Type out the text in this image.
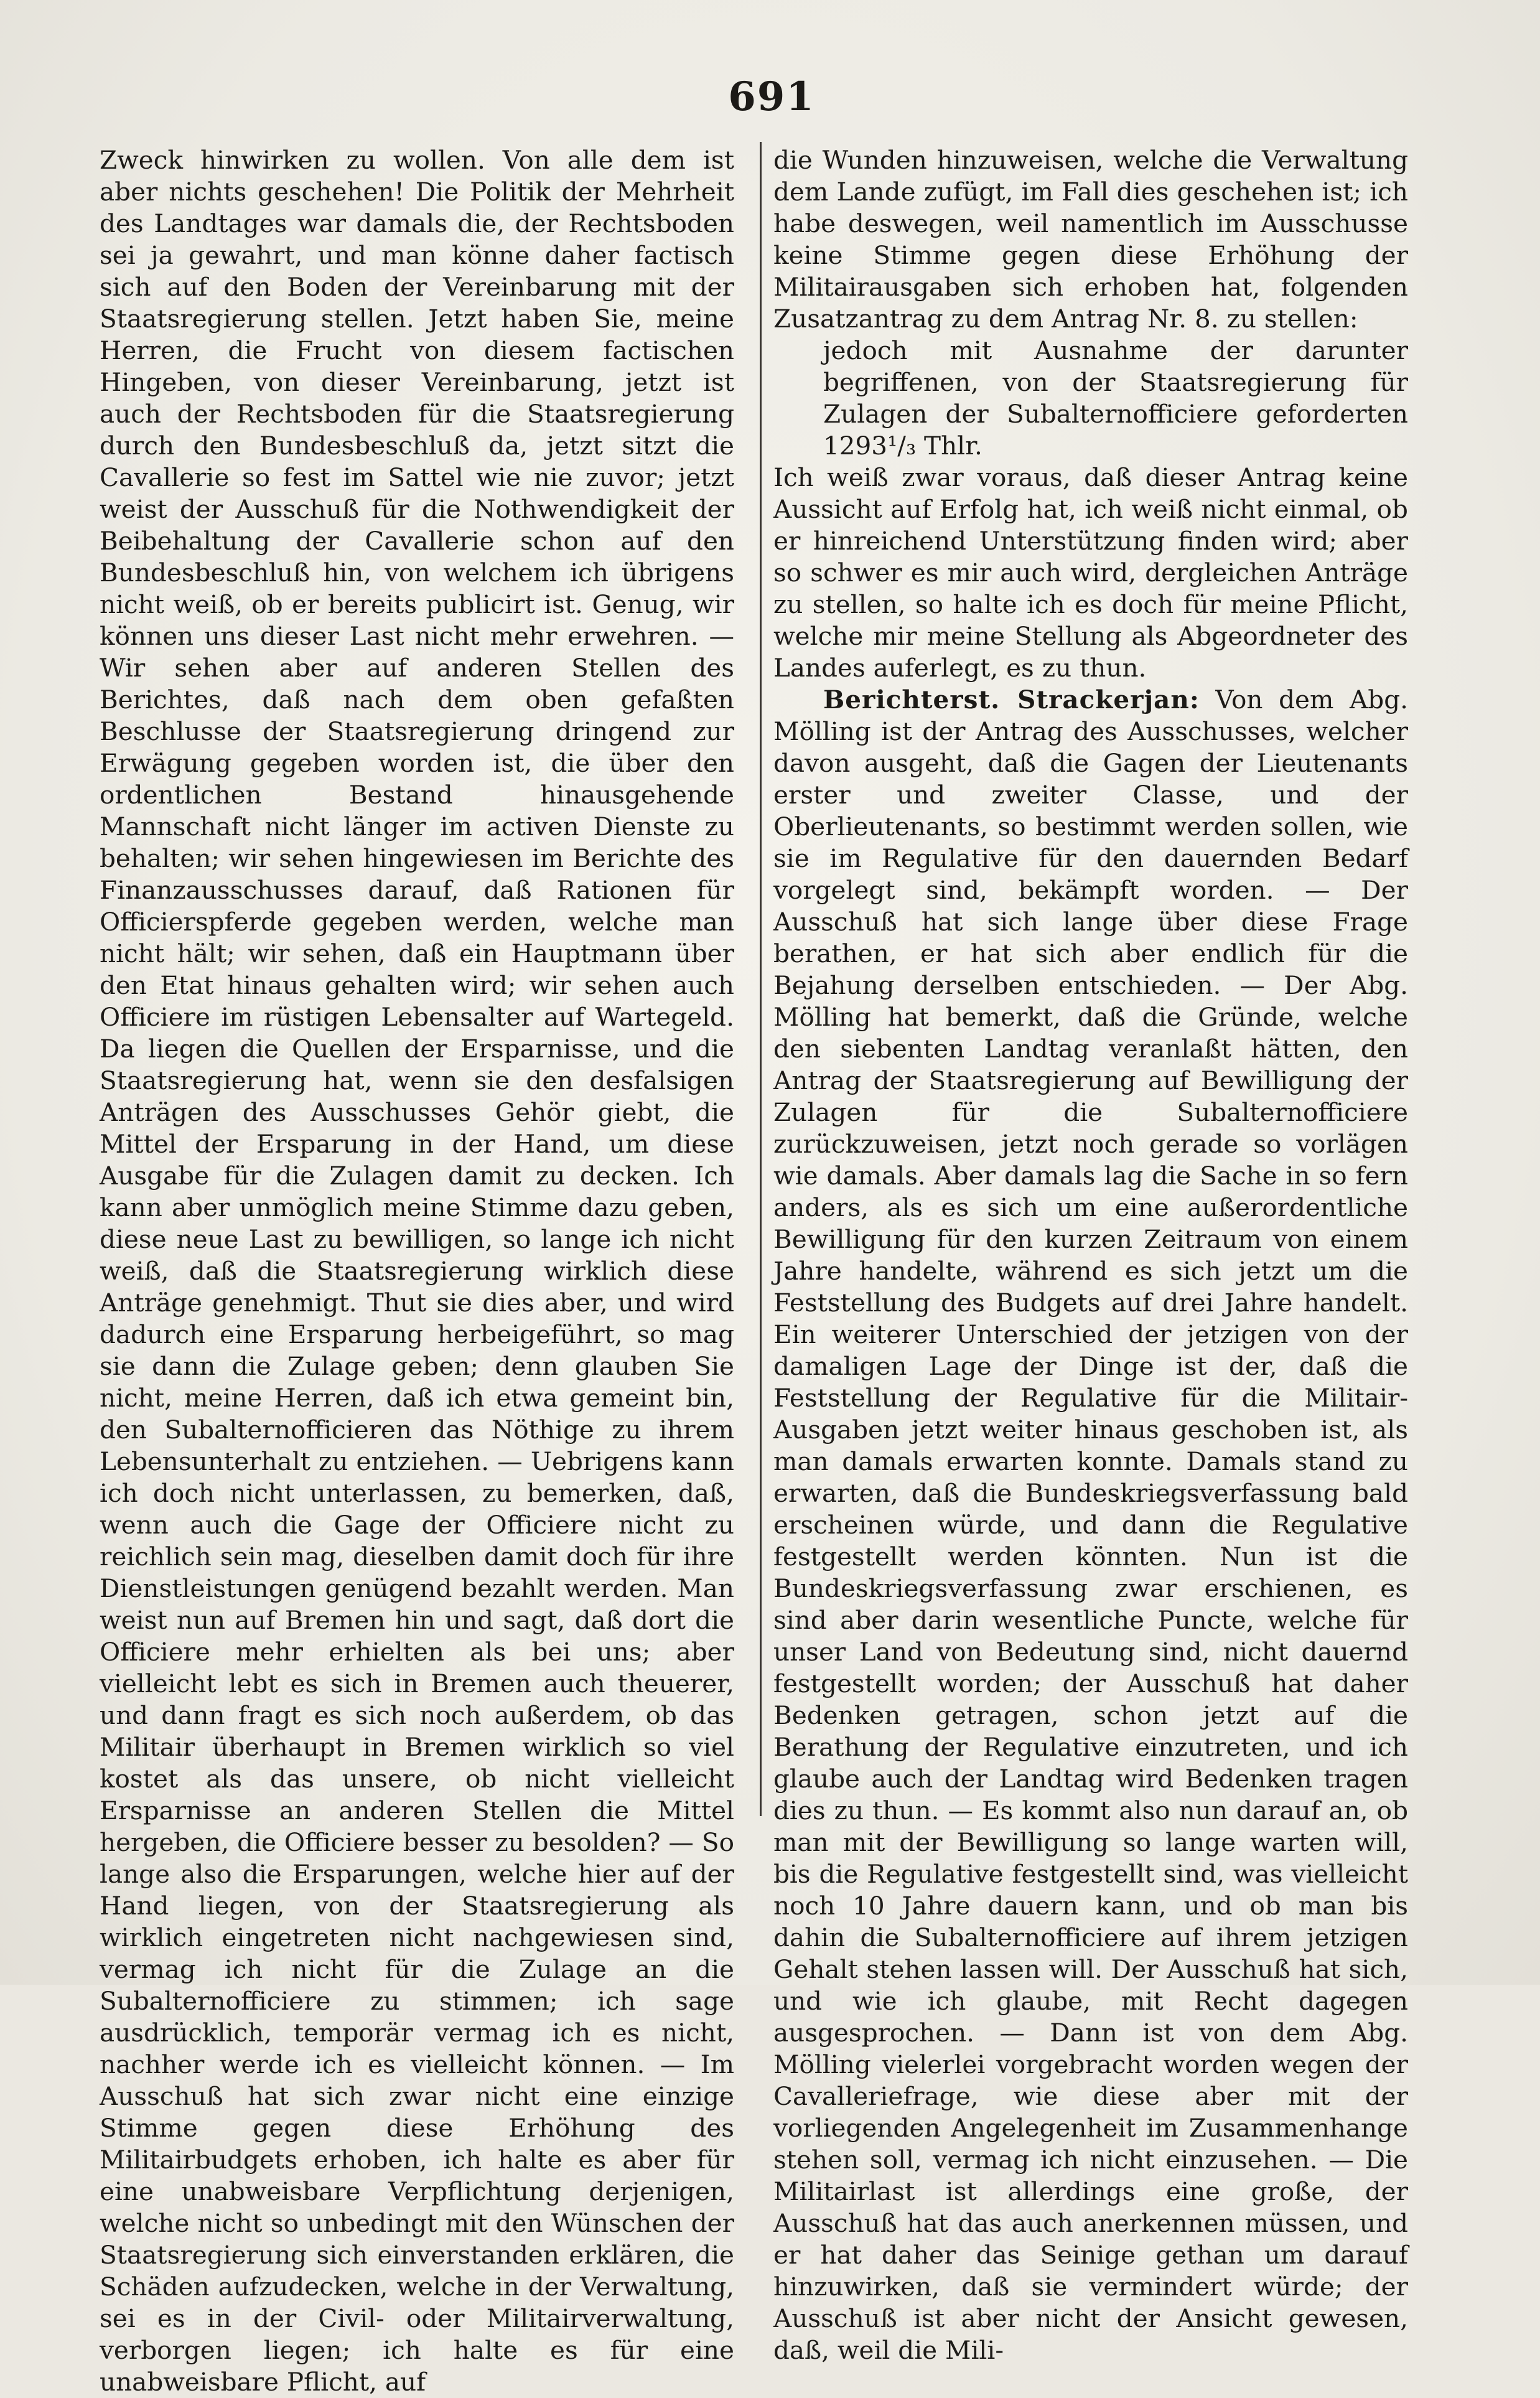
691

Zweck hinwirken zu wollen. Von alle dem ist aber nichts geschehen! Die Politik der Mehrheit des Landtages war damals die, der Rechtsboden sei ja gewahrt, und man könne daher factisch sich auf den Boden der Vereinbarung mit der Staatsregierung stellen. Jetzt haben Sie, meine Herren, die Frucht von diesem factischen Hingeben, von dieser Vereinbarung, jetzt ist auch der Rechtsboden für die Staatsregierung durch den Bundesbeschluß da, jetzt sitzt die Cavallerie so fest im Sattel wie nie zuvor; jetzt weist der Ausschuß für die Nothwendigkeit der Beibehaltung der Cavallerie schon auf den Bundesbeschluß hin, von welchem ich übrigens nicht weiß, ob er bereits publicirt ist. Genug, wir können uns dieser Last nicht mehr erwehren. — Wir sehen aber auf anderen Stellen des Berichtes, daß nach dem oben gefaßten Beschlusse der Staatsregierung dringend zur Erwägung gegeben worden ist, die über den ordentlichen Bestand hinausgehende Mannschaft nicht länger im activen Dienste zu behalten; wir sehen hingewiesen im Berichte des Finanzausschusses darauf, daß Rationen für Officierspferde gegeben werden, welche man nicht hält; wir sehen, daß ein Hauptmann über den Etat hinaus gehalten wird; wir sehen auch Officiere im rüstigen Lebensalter auf Wartegeld. Da liegen die Quellen der Ersparnisse, und die Staatsregierung hat, wenn sie den desfalsigen Anträgen des Ausschusses Gehör giebt, die Mittel der Ersparung in der Hand, um diese Ausgabe für die Zulagen damit zu decken. Ich kann aber unmöglich meine Stimme dazu geben, diese neue Last zu bewilligen, so lange ich nicht weiß, daß die Staatsregierung wirklich diese Anträge genehmigt. Thut sie dies aber, und wird dadurch eine Ersparung herbeigeführt, so mag sie dann die Zulage geben; denn glauben Sie nicht, meine Herren, daß ich etwa gemeint bin, den Subalternofficieren das Nöthige zu ihrem Lebensunterhalt zu entziehen. — Uebrigens kann ich doch nicht unterlassen, zu bemerken, daß, wenn auch die Gage der Officiere nicht zu reichlich sein mag, dieselben damit doch für ihre Dienstleistungen genügend bezahlt werden. Man weist nun auf Bremen hin und sagt, daß dort die Officiere mehr erhielten als bei uns; aber vielleicht lebt es sich in Bremen auch theuerer, und dann fragt es sich noch außerdem, ob das Militair überhaupt in Bremen wirklich so viel kostet als das unsere, ob nicht vielleicht Ersparnisse an anderen Stellen die Mittel hergeben, die Officiere besser zu besolden? — So lange also die Ersparungen, welche hier auf der Hand liegen, von der Staatsregierung als wirklich eingetreten nicht nachgewiesen sind, vermag ich nicht für die Zulage an die Subalternofficiere zu stimmen; ich sage ausdrücklich, temporär vermag ich es nicht, nachher werde ich es vielleicht können. — Im Ausschuß hat sich zwar nicht eine einzige Stimme gegen diese Erhöhung des Militairbudgets erhoben, ich halte es aber für eine unabweisbare Verpflichtung derjenigen, welche nicht so unbedingt mit den Wünschen der Staatsregierung sich einverstanden erklären, die Schäden aufzudecken, welche in der Verwaltung, sei es in der Civil- oder Militairverwaltung, verborgen liegen; ich halte es für eine unabweisbare Pflicht, auf

die Wunden hinzuweisen, welche die Verwaltung dem Lande zufügt, im Fall dies geschehen ist; ich habe deswegen, weil namentlich im Ausschusse keine Stimme gegen diese Erhöhung der Militairausgaben sich erhoben hat, folgenden Zusatzantrag zu dem Antrag Nr. 8. zu stellen:

jedoch mit Ausnahme der darunter begriffenen, von der Staatsregierung für Zulagen der Subalternofficiere geforderten 1293¹/₃ Thlr.

Ich weiß zwar voraus, daß dieser Antrag keine Aussicht auf Erfolg hat, ich weiß nicht einmal, ob er hinreichend Unterstützung finden wird; aber so schwer es mir auch wird, dergleichen Anträge zu stellen, so halte ich es doch für meine Pflicht, welche mir meine Stellung als Abgeordneter des Landes auferlegt, es zu thun.

Berichterst. Strackerjan: Von dem Abg. Mölling ist der Antrag des Ausschusses, welcher davon ausgeht, daß die Gagen der Lieutenants erster und zweiter Classe, und der Oberlieutenants, so bestimmt werden sollen, wie sie im Regulative für den dauernden Bedarf vorgelegt sind, bekämpft worden. — Der Ausschuß hat sich lange über diese Frage berathen, er hat sich aber endlich für die Bejahung derselben entschieden. — Der Abg. Mölling hat bemerkt, daß die Gründe, welche den siebenten Landtag veranlaßt hätten, den Antrag der Staatsregierung auf Bewilligung der Zulagen für die Subalternofficiere zurückzuweisen, jetzt noch gerade so vorlägen wie damals. Aber damals lag die Sache in so fern anders, als es sich um eine außerordentliche Bewilligung für den kurzen Zeitraum von einem Jahre handelte, während es sich jetzt um die Feststellung des Budgets auf drei Jahre handelt. Ein weiterer Unterschied der jetzigen von der damaligen Lage der Dinge ist der, daß die Feststellung der Regulative für die Militair-Ausgaben jetzt weiter hinaus geschoben ist, als man damals erwarten konnte. Damals stand zu erwarten, daß die Bundeskriegsverfassung bald erscheinen würde, und dann die Regulative festgestellt werden könnten. Nun ist die Bundeskriegsverfassung zwar erschienen, es sind aber darin wesentliche Puncte, welche für unser Land von Bedeutung sind, nicht dauernd festgestellt worden; der Ausschuß hat daher Bedenken getragen, schon jetzt auf die Berathung der Regulative einzutreten, und ich glaube auch der Landtag wird Bedenken tragen dies zu thun. — Es kommt also nun darauf an, ob man mit der Bewilligung so lange warten will, bis die Regulative festgestellt sind, was vielleicht noch 10 Jahre dauern kann, und ob man bis dahin die Subalternofficiere auf ihrem jetzigen Gehalt stehen lassen will. Der Ausschuß hat sich, und wie ich glaube, mit Recht dagegen ausgesprochen. — Dann ist von dem Abg. Mölling vielerlei vorgebracht worden wegen der Cavalleriefrage, wie diese aber mit der vorliegenden Angelegenheit im Zusammenhange stehen soll, vermag ich nicht einzusehen. — Die Militairlast ist allerdings eine große, der Ausschuß hat das auch anerkennen müssen, und er hat daher das Seinige gethan um darauf hinzuwirken, daß sie vermindert würde; der Ausschuß ist aber nicht der Ansicht gewesen, daß, weil die Mili-
